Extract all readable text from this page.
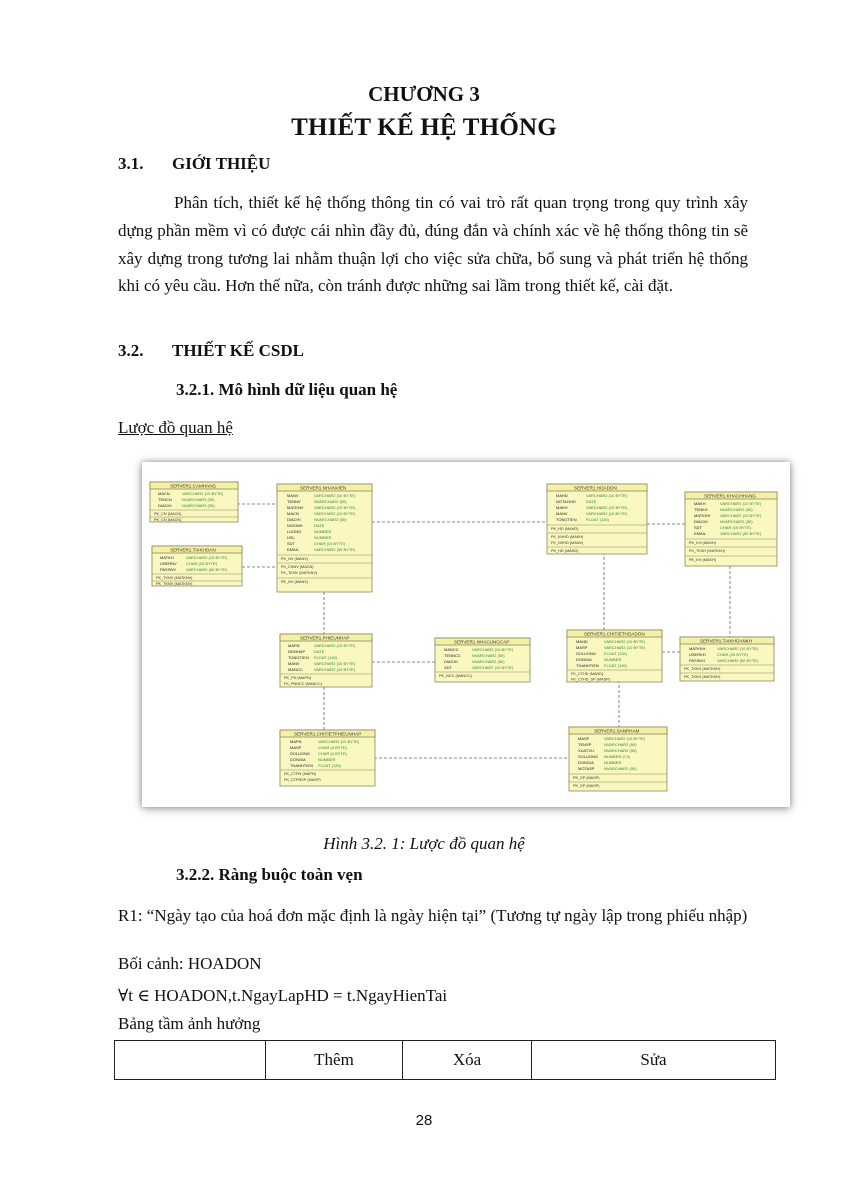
CHƯƠNG 3
THIẾT KẾ HỆ THỐNG
3.1. GIỚI THIỆU
Phân tích, thiết kế hệ thống thông tin có vai trò rất quan trọng trong quy trình xây dựng phần mềm vì có được cái nhìn đầy đủ, đúng đắn và chính xác về hệ thống thông tin sẽ xây dựng trong tương lai nhằm thuận lợi cho việc sửa chữa, bổ sung và phát triển hệ thống khi có yêu cầu. Hơn thế nữa, còn tránh được những sai lầm trong thiết kế, cài đặt.
3.2. THIẾT KẾ CSDL
3.2.1. Mô hình dữ liệu quan hệ
Lược đồ quan hệ
SERVER1.CAMHANG
MACN	VARCHAR2 (10 BYTE)
TENCN	NVARCHAR2 (50)
DIACHI	NVARCHAR2 (50)
PK_CN (MACN)
PK_CN (MACN)
SERVER1.TAIKHOAN
MATKH	VARCHAR2 (10 BYTE)
USERNV CHAR (20 BYTE)
PASSNV	VARCHAR2 (50 BYTE)
PK_TKNV (MATKNV)
PK_TKNV (MATKNV)
SERVER1.NHANVIEN
MANV	VARCHAR2 (10 BYTE)
TENNV	NVARCHAR2 (50)
MATKNV	VARCHAR2 (10 BYTE)
MACN	VARCHAR2 (10 BYTE)
DIACHI	NVARCHAR2 (50)
NGSINH	DATE
LUONG	NUMBER
HSL	NUMBER
SDT	CHAR (10 BYTE)
EMAIL	VARCHAR2 (50 BYTE)
PK_NV (MANV)
FK_CNNV (MACN)
FK_TKNV (MATKNV)
PK_NV (MANV)
SERVER1.HOADON
MAHD	VARCHAR2 (10 BYTE)
NGTAOHD	DATE
MAKH	VARCHAR2 (10 BYTE)
MANV	VARCHAR2 (10 BYTE)
TONGTIEN FLOAT (126)
PK_HD (MAHD)
FK_KHHD (MAKH)
FK_NVHD (MANV)
PK_HD (MAHD)
SERVER1.KHACHHANG
MAKH	VARCHAR2 (10 BYTE)
TENKH	NVARCHAR2 (50)
MATKKH VARCHAR2 (10 BYTE)
DIACHI	NVARCHAR2 (50)
SDT	CHAR (10 BYTE)
EMAIL	VARCHAR2 (50 BYTE)
PK_KH (MAKH)
FK_TKKH (MATKKH)
PK_KH (MAKH)
SERVER1.PHIEUNHAP
MAPN	VARCHAR2 (10 BYTE)
NGNHAP DATE
TONGTIEN FLOAT (126)
MANV	VARCHAR2 (10 BYTE)
MANCC	VARCHAR2 (10 BYTE)
PK_PN (MAPN)
FK_PNNCC (MANCC)
SERVER1.NHACUNGCAP
MANCC	VARCHAR2 (10 BYTE)
TENNCC	NVARCHAR2 (50)
DIACHI	NVARCHAR2 (50)
SDT	VARCHAR2 (10 BYTE)
PK_NCC (MANCC)
SERVER1.CHITIETHOADON
MAHD	VARCHAR2 (10 BYTE)
MASP	VARCHAR2 (10 BYTE)
SOLUONG FLOAT (126)
DONGIA	NUMBER
THANHTIEN FLOAT (126)
FK_CTHD (MAHD)
FK_CTHD_SP (MASP)
SERVER1.TAIKHOANKH
MATKKH	VARCHAR2 (10 BYTE)
USERKH	CHAR (20 BYTE)
PASSKH	VARCHAR2 (50 BYTE)
PK_TKKH (MATKKH)
PK_TKKH (MATKKH)
SERVER1.CHITIETPHIEUNHAP
MAPN	VARCHAR2 (10 BYTE)
MASP	CHAR (4 BYTE)
SOLUONG CHAR (4 BYTE)
DONGIA	NUMBER
THANHTIEN FLOAT (126)
FK_CTPN (MAPN)
FK_CTPNSP (MASP)
SERVER1.SANPHAM
MASP	VARCHAR2 (10 BYTE)
TENSP	NVARCHAR2 (50)
XUATXU	NVARCHAR2 (50)
SOLUONG NUMBER (*,0)
DONGIA	NUMBER
MOTASP NVARCHAR2 (50)
PK_SP (MASP)
PK_SP (MASP)
Hình 3.2. 1: Lược đồ quan hệ
3.2.2. Ràng buộc toàn vẹn
R1: “Ngày tạo của hoá đơn mặc định là ngày hiện tại” (Tương tự ngày lập trong phiếu nhập)
Bối cảnh: HOADON
∀t ∈ HOADON,t.NgayLapHD = t.NgayHienTai
Bảng tầm ảnh hưởng
	Thêm	Xóa	Sửa
28
